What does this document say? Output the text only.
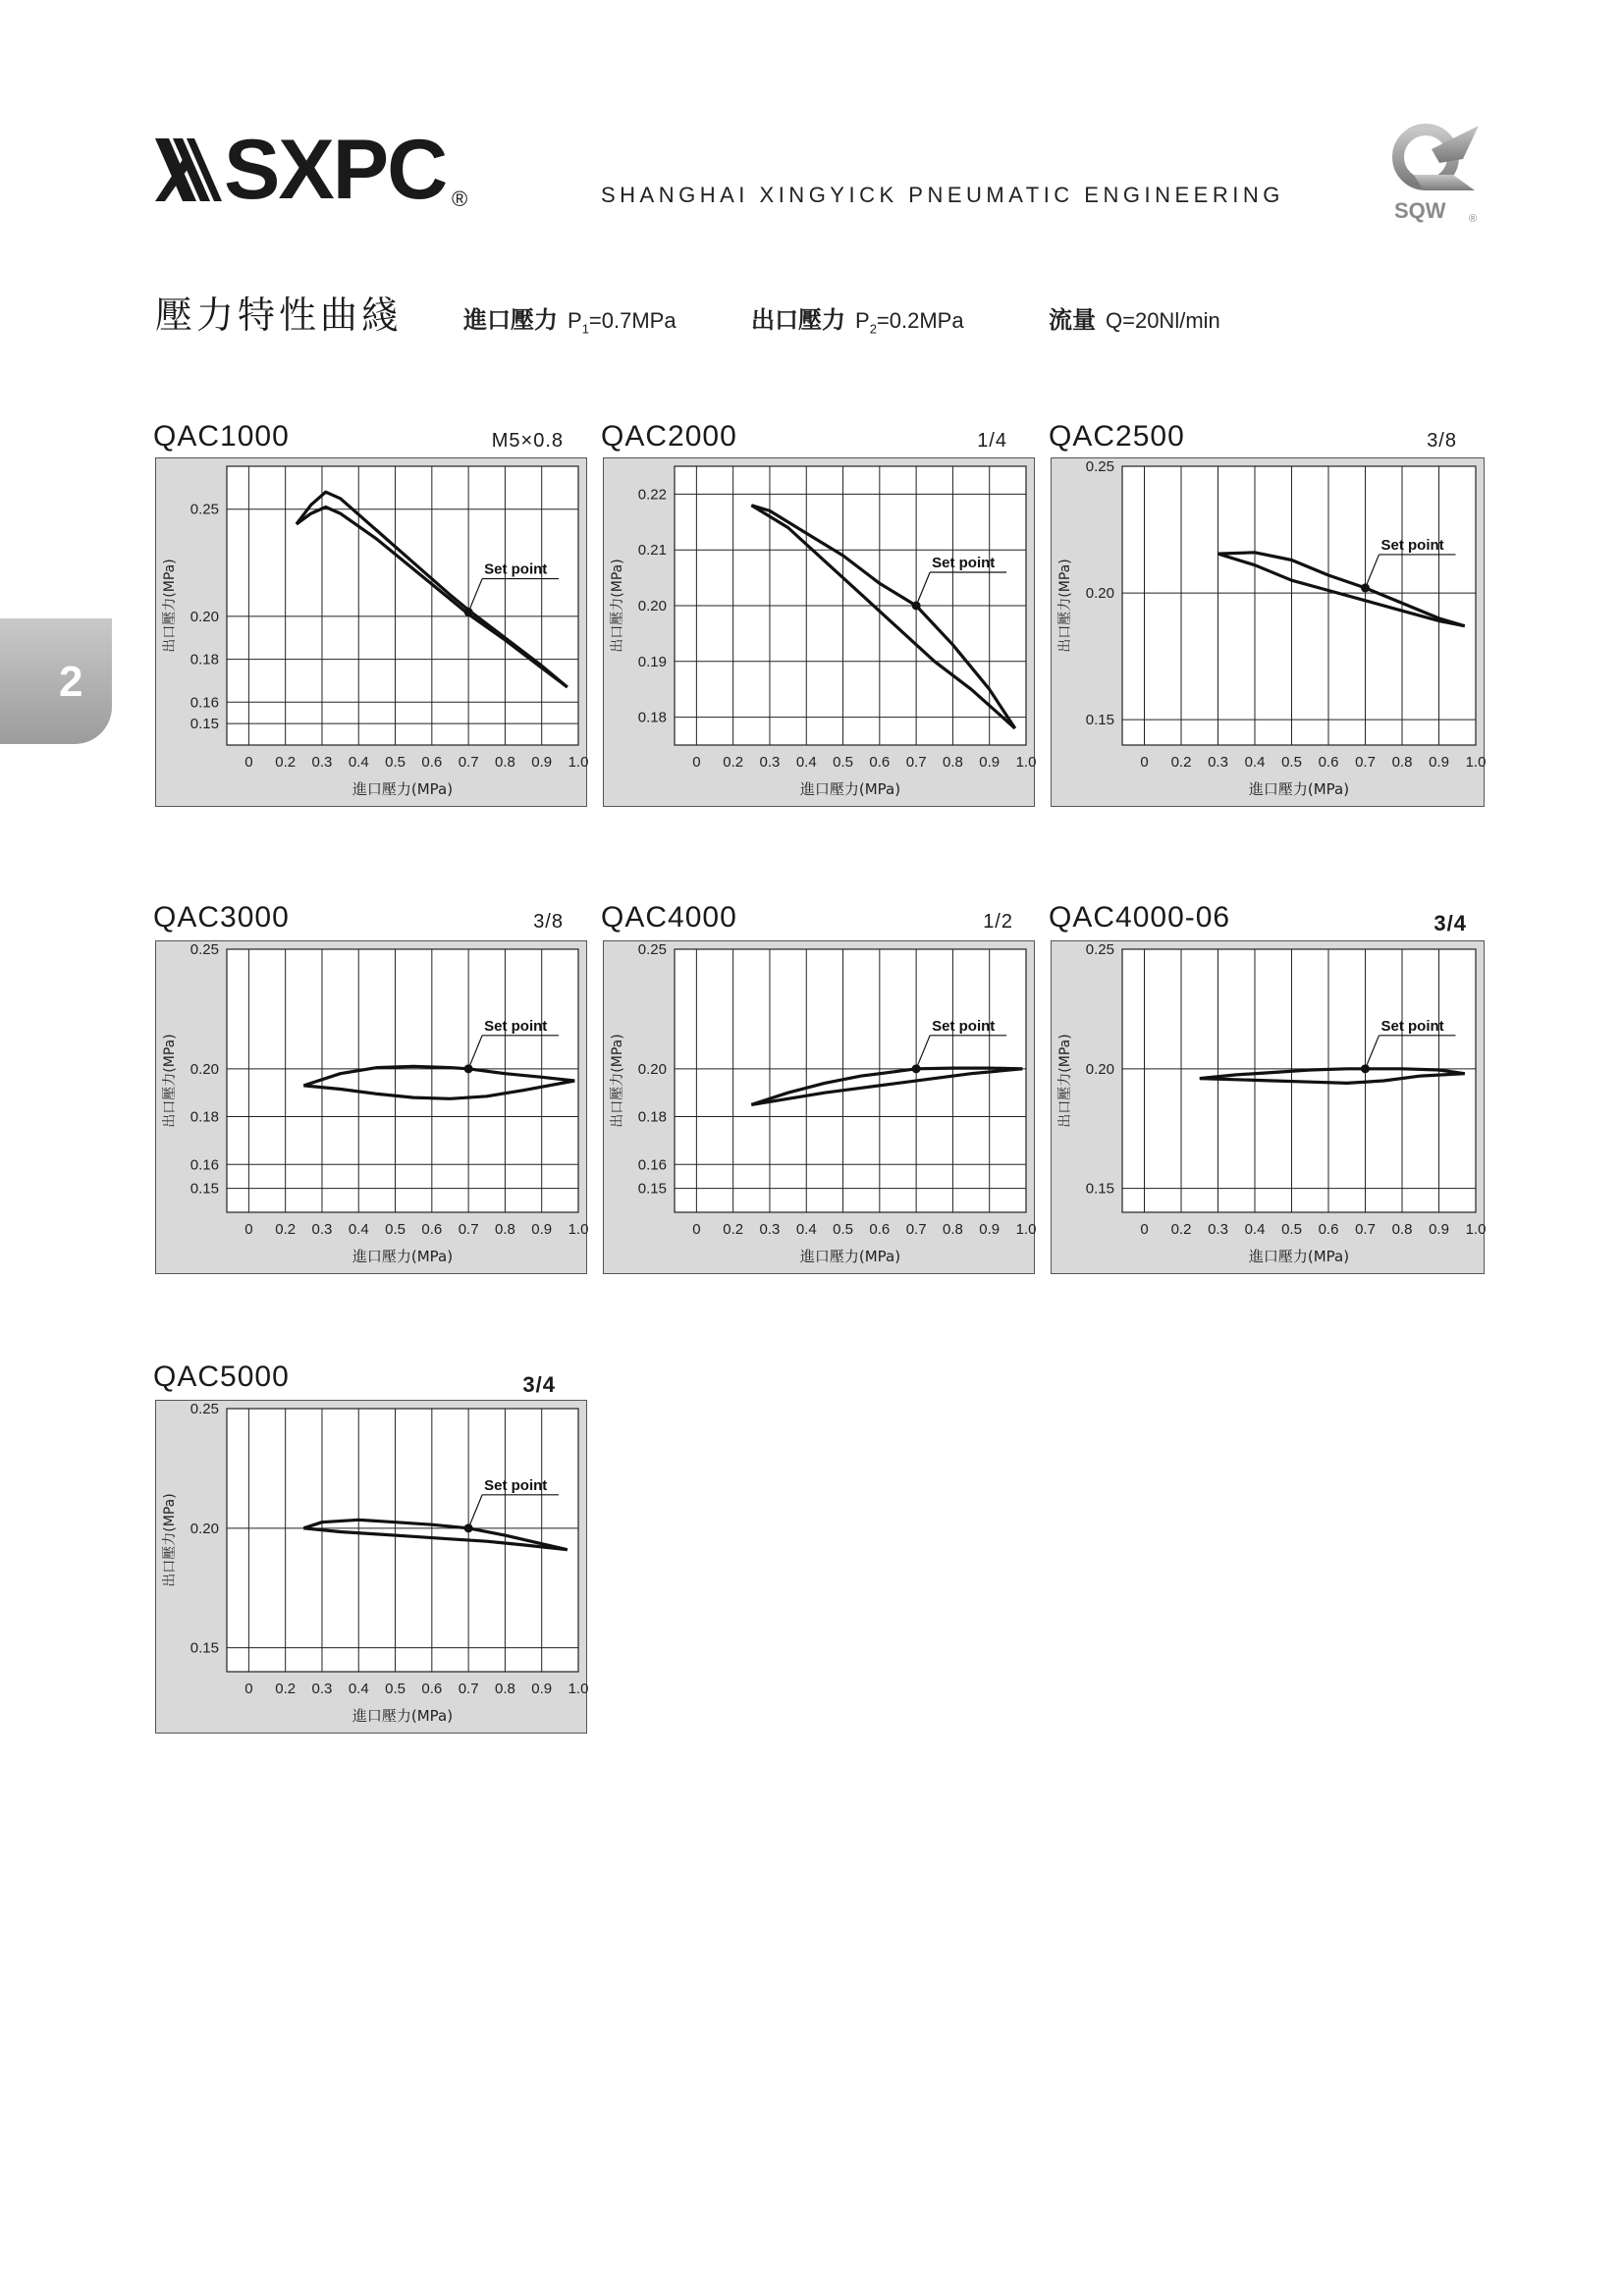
SXPC ®	SHANGHAI XINGYICK PNEUMATIC ENGINEERING
SQW ®
2
壓力特性曲綫	進口壓力 $P_1=0.7MPa$	出口壓力 $P_2=0.2MPa$	流量 Q=20Nl/min
QAC1000	M5×0.8 QAC2000	1/4 QAC2500	3/8
QAC3000	3/8 QAC4000	1/2 QAC4000-06	3/4
QAC5000	3/4
0 0.2 0.3 0.4 0.5 0.6 0.7 0.8 0.9 1.0
0.15
0.16
0.18
0.20
0.25
進口壓力(MPa)
出口壓力(MPa)	Set point
0 0.2 0.3 0.4 0.5 0.6 0.7 0.8 0.9 1.0
0.18
0.19
0.20
0.21
0.22
進口壓力(MPa)
出口壓力(MPa)	Set point
0 0.2 0.3 0.4 0.5 0.6 0.7 0.8 0.9 1.0
0.15
0.20
0.25
進口壓力(MPa)
出口壓力(MPa)
Set point
0 0.2 0.3 0.4 0.5 0.6 0.7 0.8 0.9 1.0
0.15
0.16
0.18
0.20
0.25
進口壓力(MPa)
出口壓力(MPa)
Set point
0 0.2 0.3 0.4 0.5 0.6 0.7 0.8 0.9 1.0
0.15
0.16
0.18
0.20
0.25
進口壓力(MPa)
出口壓力(MPa)
Set point
0 0.2 0.3 0.4 0.5 0.6 0.7 0.8 0.9 1.0
0.15
0.20
0.25
進口壓力(MPa)
出口壓力(MPa)
Set point
0 0.2 0.3 0.4 0.5 0.6 0.7 0.8 0.9 1.0
0.15
0.20
0.25
進口壓力(MPa)
出口壓力(MPa)
Set point
